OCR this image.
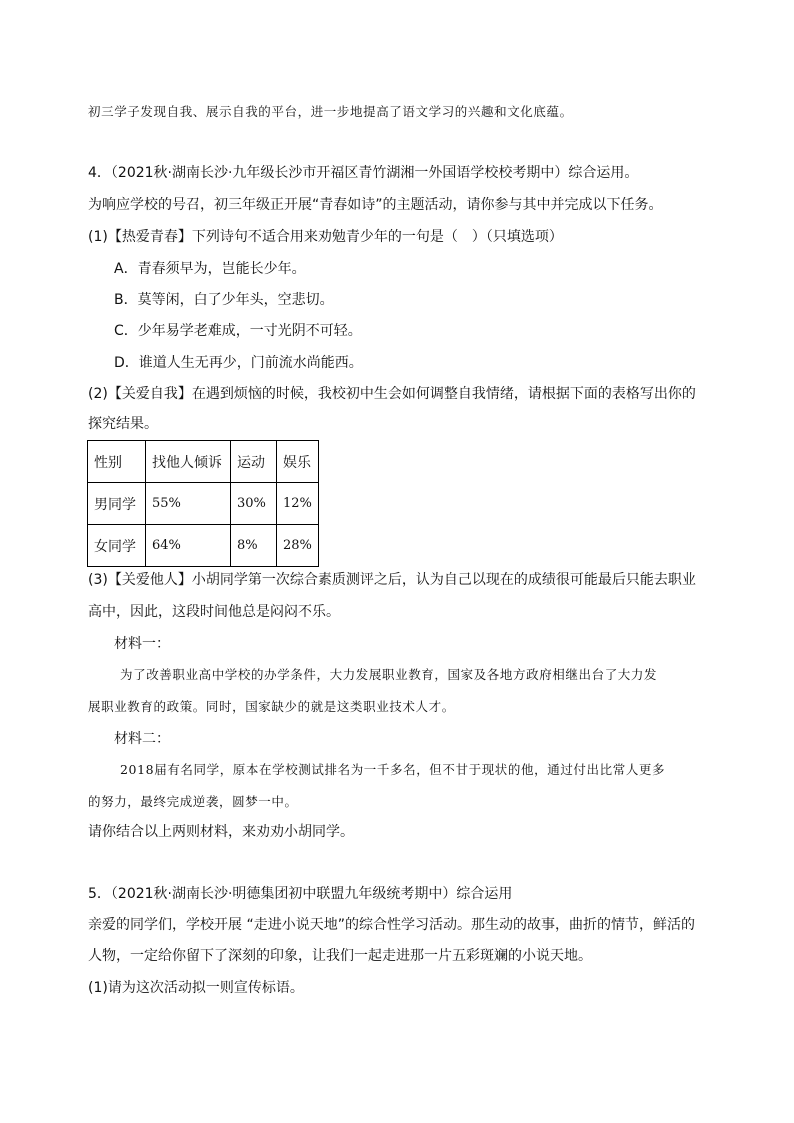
初三学子发现自我、展示自我的平台，进一步地提高了语文学习的兴趣和文化底蕴。
4．（2021秋·湖南长沙·九年级长沙市开福区青竹湖湘一外国语学校校考期中）综合运用。
为响应学校的号召，初三年级正开展“青春如诗”的主题活动，请你参与其中并完成以下任务。
(1)【热爱青春】下列诗句不适合用来劝勉青少年的一句是（　）（只填选项）
A．青春须早为，岂能长少年。
B．莫等闲，白了少年头，空悲切。
C．少年易学老难成，一寸光阴不可轻。
D．谁道人生无再少，门前流水尚能西。
(2)【关爱自我】在遇到烦恼的时候，我校初中生会如何调整自我情绪，请根据下面的表格写出你的
探究结果。
性别	找他人倾诉	运动	娱乐
男同学	55%	30%	12%
女同学	64%	8%	28%
(3)【关爱他人】小胡同学第一次综合素质测评之后，认为自己以现在的成绩很可能最后只能去职业
高中，因此，这段时间他总是闷闷不乐。
材料一：
为了改善职业高中学校的办学条件，大力发展职业教育，国家及各地方政府相继出台了大力发
展职业教育的政策。同时，国家缺少的就是这类职业技术人才。
材料二：
2018届有名同学，原本在学校测试排名为一千多名，但不甘于现状的他，通过付出比常人更多
的努力，最终完成逆袭，圆梦一中。
请你结合以上两则材料，来劝劝小胡同学。
5．（2021秋·湖南长沙·明德集团初中联盟九年级统考期中）综合运用
亲爱的同学们，学校开展 “走进小说天地”的综合性学习活动。那生动的故事，曲折的情节，鲜活的
人物，一定给你留下了深刻的印象，让我们一起走进那一片五彩斑斓的小说天地。
(1)请为这次活动拟一则宣传标语。
